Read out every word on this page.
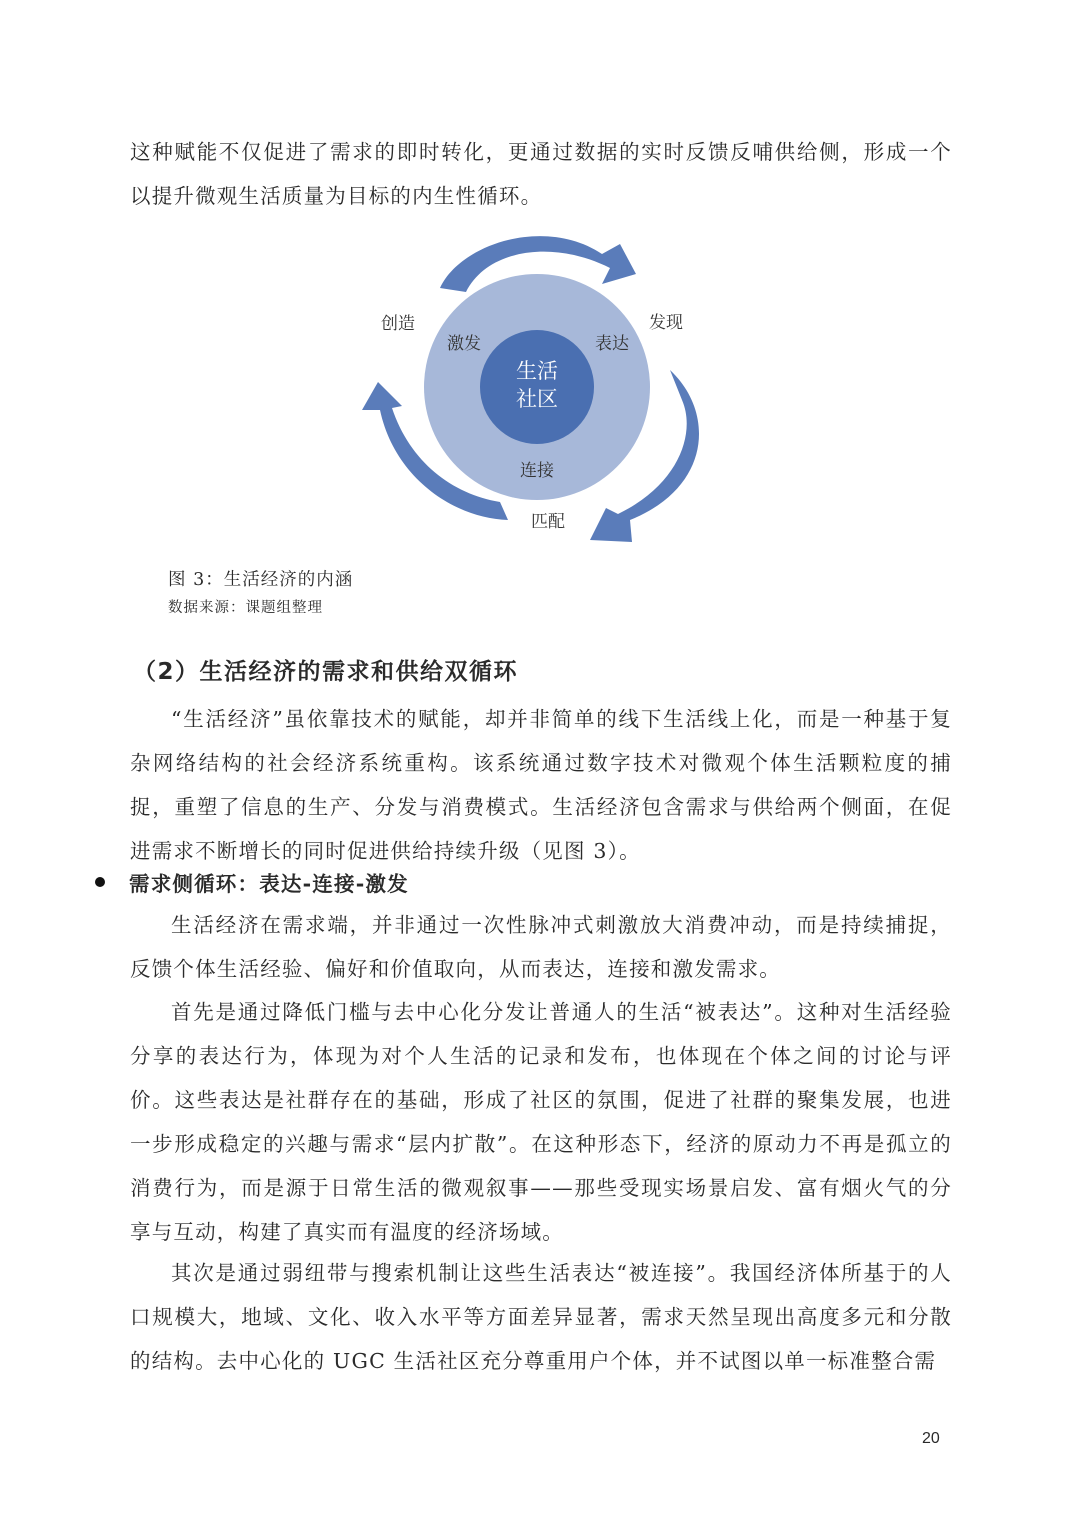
这种赋能不仅促进了需求的即时转化，更通过数据的实时反馈反哺供给侧，形成一个以提升微观生活质量为目标的内生性循环。

生活
社区
激发	表达
连接
创造	发现
匹配
图 3：生活经济的内涵
数据来源：课题组整理
（2）生活经济的需求和供给双循环

“生活经济”虽依靠技术的赋能，却并非简单的线下生活线上化，而是一种基于复杂网络结构的社会经济系统重构。该系统通过数字技术对微观个体生活颗粒度的捕捉，重塑了信息的生产、分发与消费模式。生活经济包含需求与供给两个侧面，在促进需求不断增长的同时促进供给持续升级（见图 3）。

需求侧循环：表达-连接-激发

生活经济在需求端，并非通过一次性脉冲式刺激放大消费冲动，而是持续捕捉，反馈个体生活经验、偏好和价值取向，从而表达，连接和激发需求。

首先是通过降低门槛与去中心化分发让普通人的生活“被表达”。这种对生活经验分享的表达行为，体现为对个人生活的记录和发布，也体现在个体之间的讨论与评价。这些表达是社群存在的基础，形成了社区的氛围，促进了社群的聚集发展，也进一步形成稳定的兴趣与需求“层内扩散”。在这种形态下，经济的原动力不再是孤立的消费行为，而是源于日常生活的微观叙事——那些受现实场景启发、富有烟火气的分享与互动，构建了真实而有温度的经济场域。

其次是通过弱纽带与搜索机制让这些生活表达“被连接”。我国经济体所基于的人口规模大，地域、文化、收入水平等方面差异显著，需求天然呈现出高度多元和分散的结构。去中心化的 UGC 生活社区充分尊重用户个体，并不试图以单一标准整合需

20
